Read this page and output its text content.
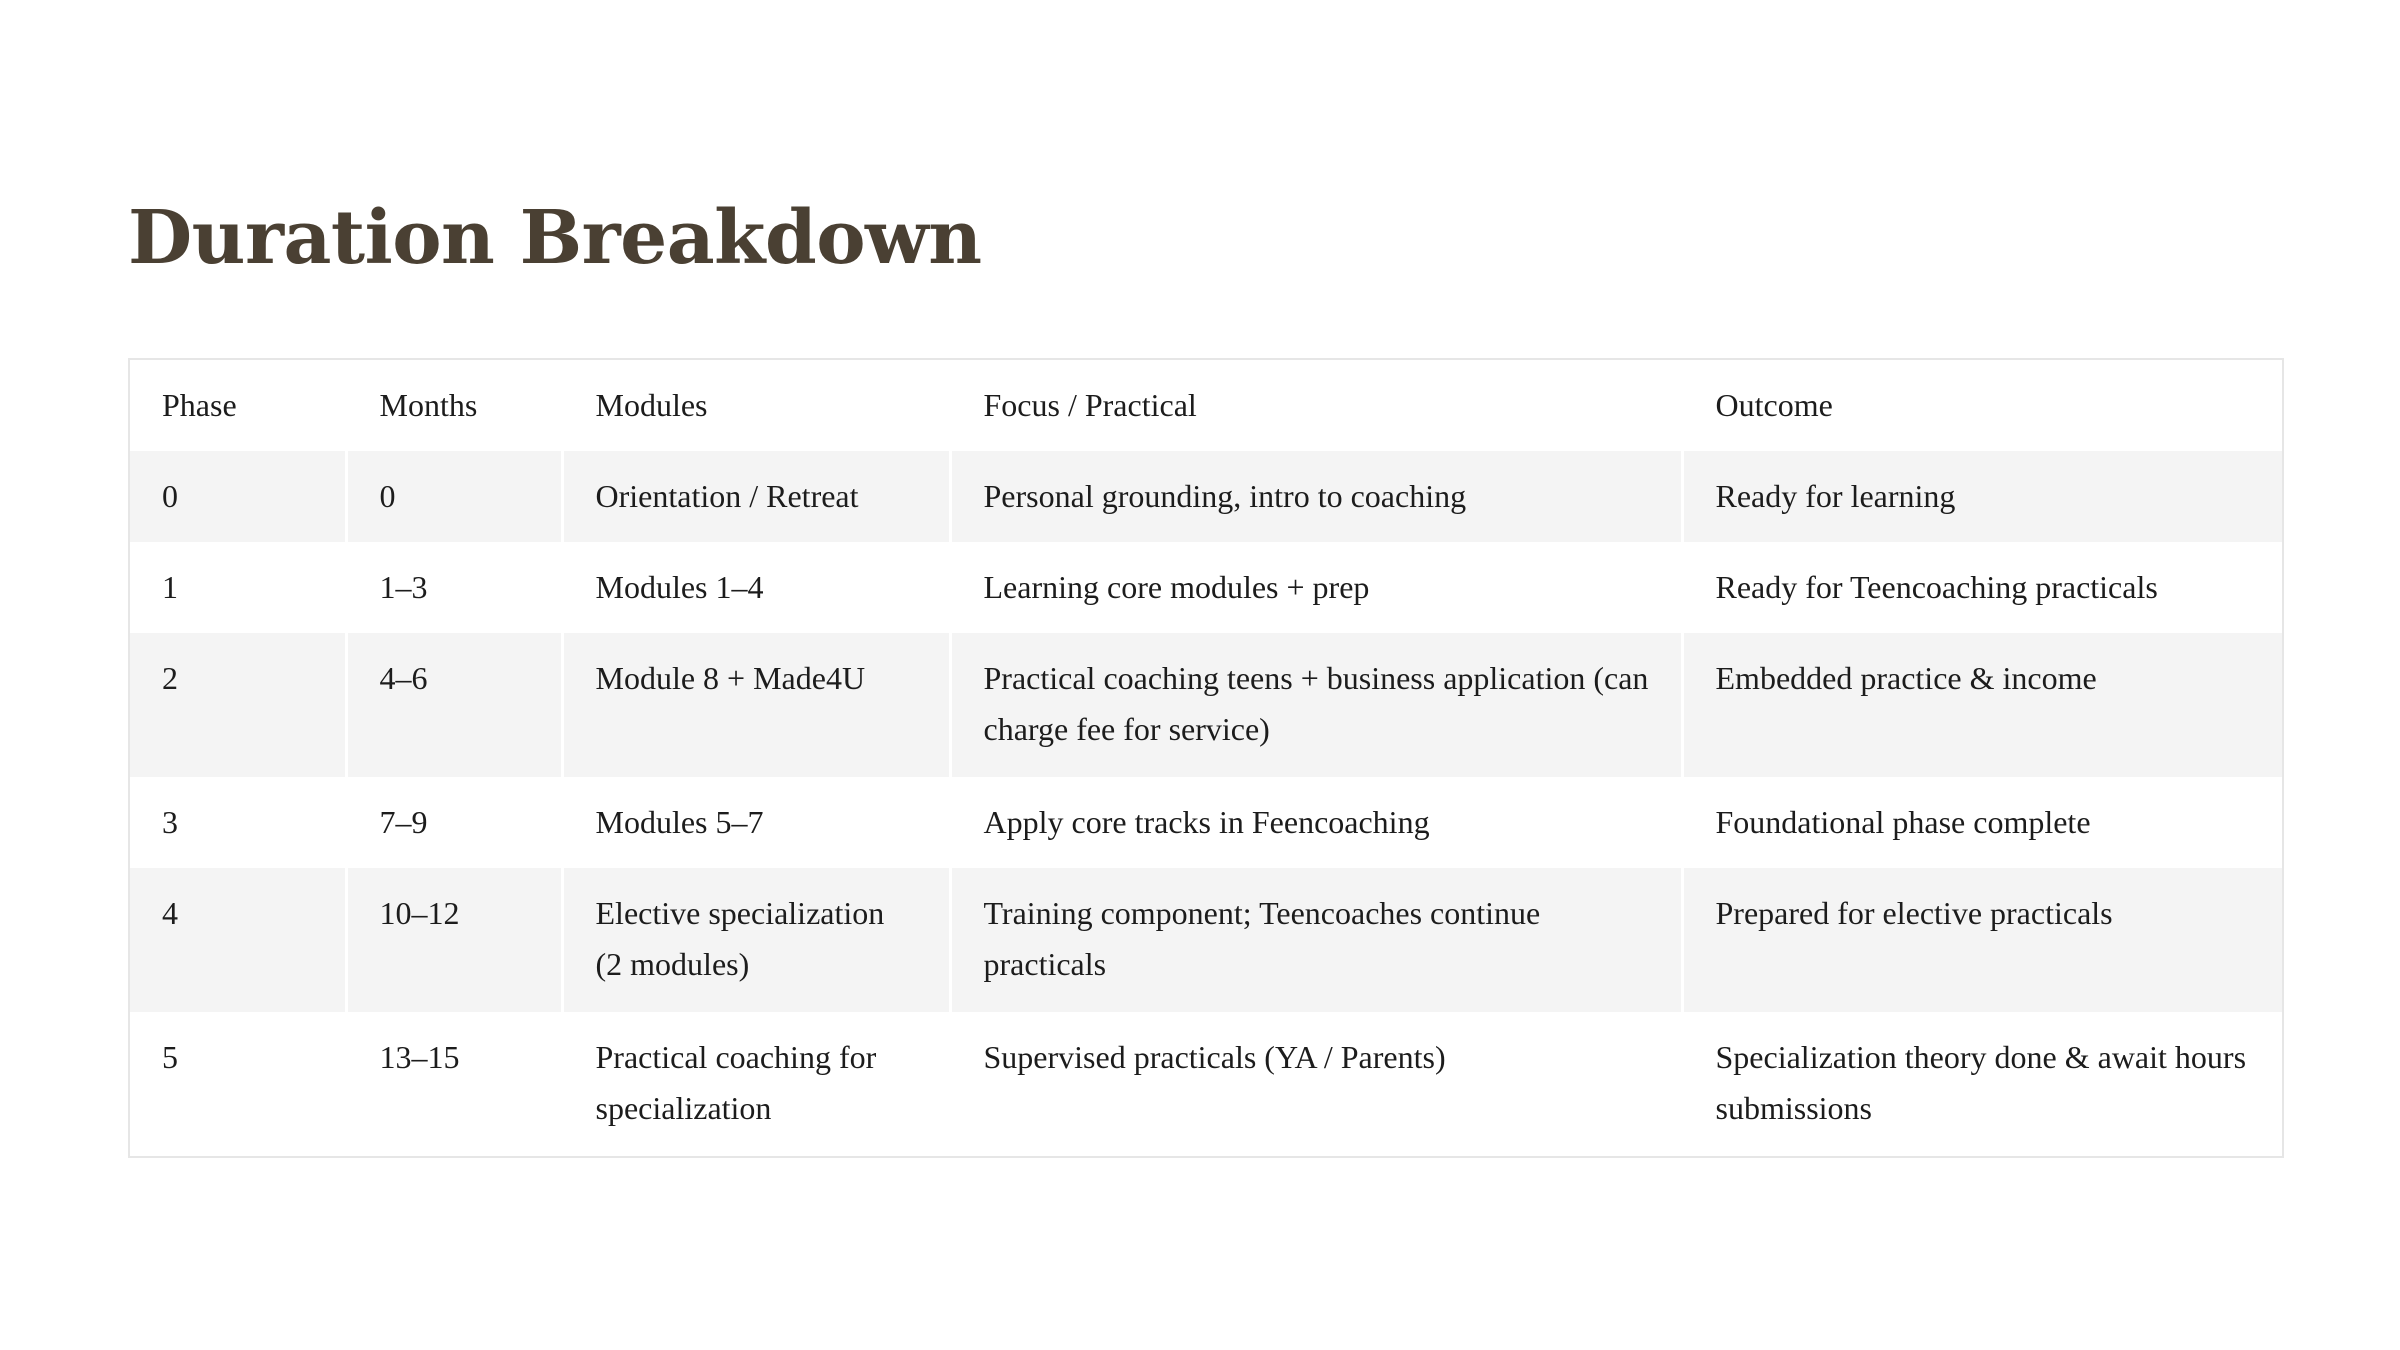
Duration Breakdown
Phase	Months	Modules	Focus / Practical	Outcome
0	0	Orientation / Retreat	Personal grounding, intro to coaching	Ready for learning
1	1–3	Modules 1–4	Learning core modules + prep	Ready for Teencoaching practicals
2	4–6	Module 8 + Made4U	Practical coaching teens + business application (can charge fee for service)	Embedded practice & income
3	7–9	Modules 5–7	Apply core tracks in Feencoaching	Foundational phase complete
4	10–12	Elective specialization (2 modules)	Training component; Teencoaches continue practicals	Prepared for elective practicals
5	13–15	Practical coaching for specialization	Supervised practicals (YA / Parents)	Specialization theory done & await hours submissions
